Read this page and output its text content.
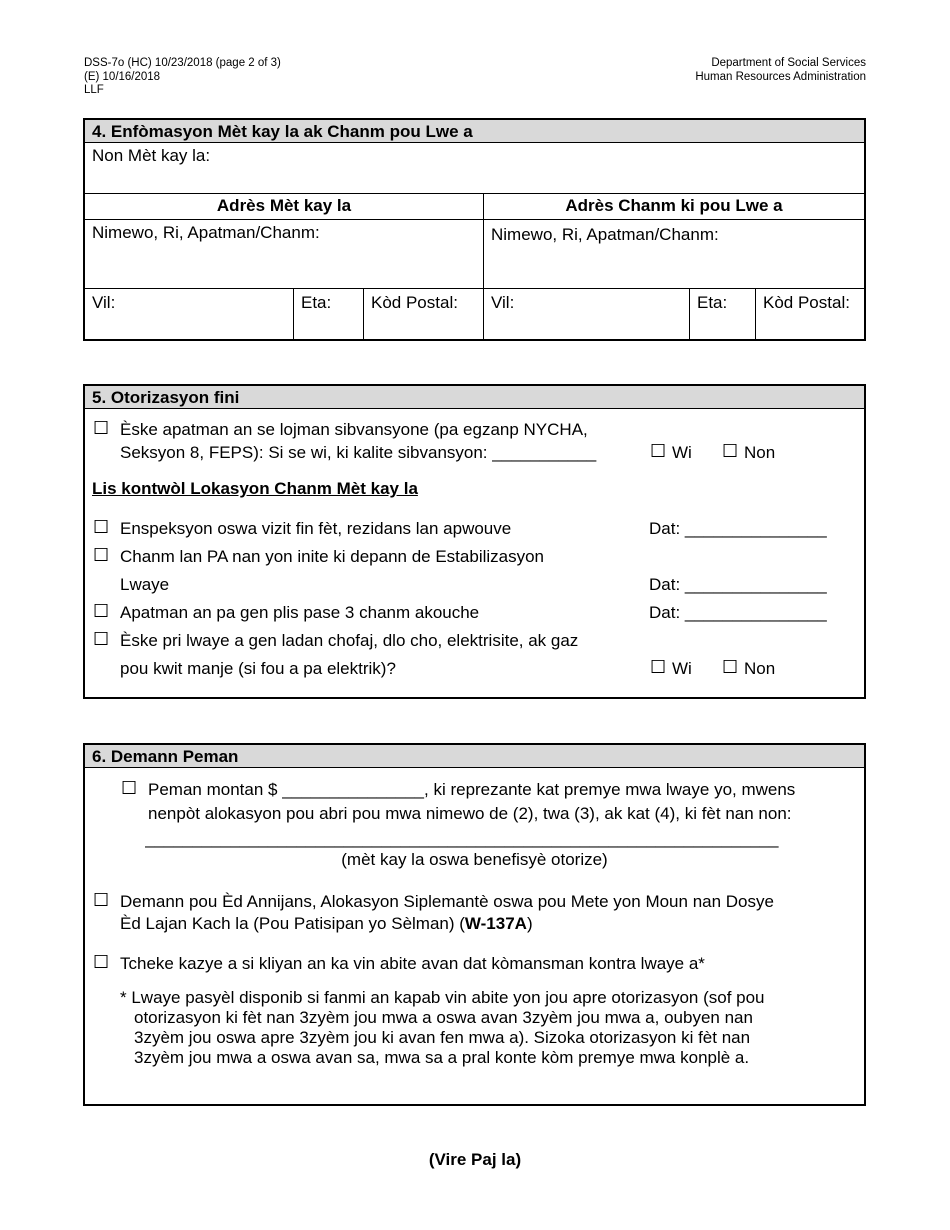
DSS-7o (HC) 10/23/2018 (page 2 of 3)
(E) 10/16/2018
LLF
Department of Social Services
Human Resources Administration
4. Enfòmasyon Mèt kay la ak Chanm pou Lwe a
Non Mèt kay la:
Adrès Mèt kay la	Adrès Chanm ki pou Lwe a
Nimewo, Ri, Apatman/Chanm:	Nimewo, Ri, Apatman/Chanm:
Vil:	Eta: Kòd Postal: Vil:	Eta: Kòd Postal:
5. Otorizasyon fini
☐ Èske apatman an se lojman sibvansyone (pa egzanp NYCHA,
Seksyon 8, FEPS): Si se wi, ki kalite sibvansyon: ___________	☐ Wi ☐ Non
Lis kontwòl Lokasyon Chanm Mèt kay la
☐ Enspeksyon oswa vizit fin fèt, rezidans lan apwouve	Dat: _______________
☐ Chanm lan PA nan yon inite ki depann de Estabilizasyon
Lwaye	Dat: _______________
☐ Apatman an pa gen plis pase 3 chanm akouche	Dat: _______________
☐ Èske pri lwaye a gen ladan chofaj, dlo cho, elektrisite, ak gaz
pou kwit manje (si fou a pa elektrik)?	☐ Wi ☐ Non
6. Demann Peman
☐ Peman montan $ _______________, ki reprezante kat premye mwa lwaye yo, mwens
nenpòt alokasyon pou abri pou mwa nimewo de (2), twa (3), ak kat (4), ki fèt nan non:
___________________________________________________________________
(mèt kay la oswa benefisyè otorize)
☐ Demann pou Èd Annijans, Alokasyon Siplemantè oswa pou Mete yon Moun nan Dosye
Èd Lajan Kach la (Pou Patisipan yo Sèlman) (W-137A)
☐ Tcheke kazye a si kliyan an ka vin abite avan dat kòmansman kontra lwaye a*
* Lwaye pasyèl disponib si fanmi an kapab vin abite yon jou apre otorizasyon (sof pou
otorizasyon ki fèt nan 3zyèm jou mwa a oswa avan 3zyèm jou mwa a, oubyen nan
3zyèm jou oswa apre 3zyèm jou ki avan fen mwa a). Sizoka otorizasyon ki fèt nan
3zyèm jou mwa a oswa avan sa, mwa sa a pral konte kòm premye mwa konplè a.
(Vire Paj la)
